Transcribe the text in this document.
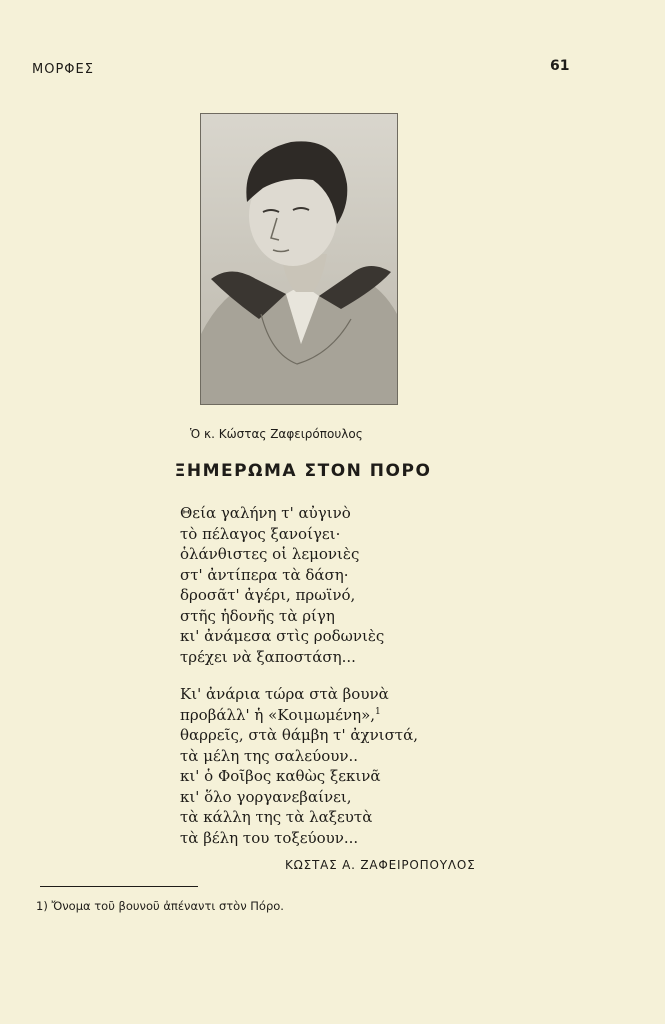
ΜΟΡΦΕΣ	61
Ὁ κ. Κώστας Ζαφειρόπουλος
ΞΗΜΕΡΩΜΑ ΣΤΟΝ ΠΟΡΟ
Θεία γαλήνη τ' αὐγινὸ
τὸ πέλαγος ξανοίγει·
ὁλάνθιστες οἱ λεμονιὲς
στ' ἀντίπερα τὰ δάση·
δροσᾶτ' ἀγέρι, πρωϊνό,
στῆς ἡδονῆς τὰ ρίγη
κι' ἀνάμεσα στὶς ροδωνιὲς
τρέχει νὰ ξαποστάση...
Κι' ἀνάρια τώρα στὰ βουνὰ
προβάλλ' ἡ «Κοιμωμένη»,$^1$
θαρρεῖς, στὰ θάμβη τ' ἀχνιστά,
τὰ μέλη της σαλεύουν..
κι' ὁ Φοῖβος καθὼς ξεκινᾶ
κι' ὅλο γοργανεβαίνει,
τὰ κάλλη της τὰ λαξευτὰ
τὰ βέλη του τοξεύουν...
ΚΩΣΤΑΣ Α. ΖΑΦΕΙΡΟΠΟΥΛΟΣ
1) Ὄνομα τοῦ βουνοῦ ἀπέναντι στὸν Πόρο.
